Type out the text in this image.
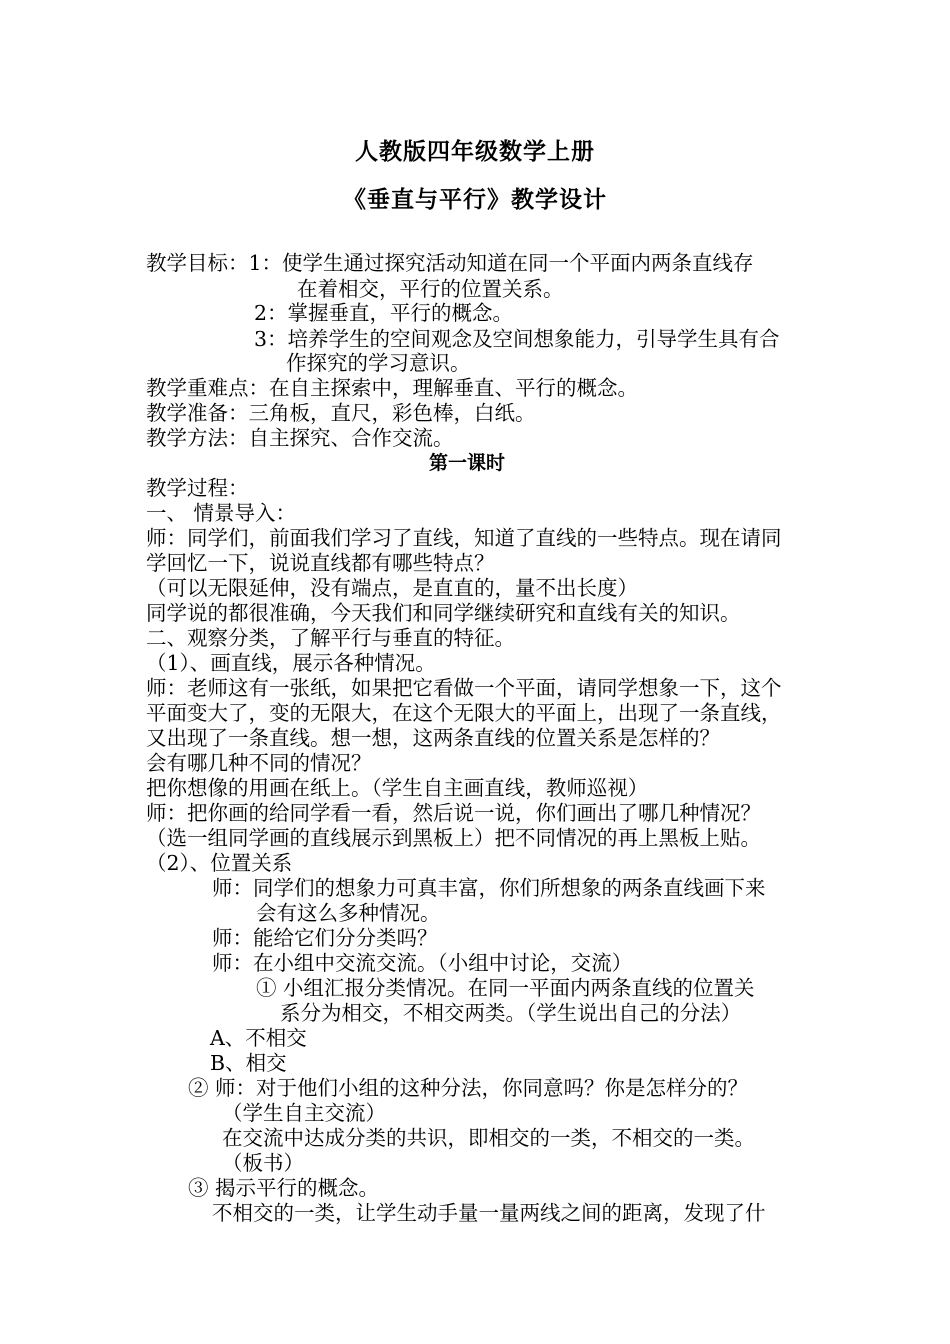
人教版四年级数学上册
《垂直与平行》教学设计
教学目标：1：使学生通过探究活动知道在同一个平面内两条直线存
在着相交，平行的位置关系。
2：掌握垂直，平行的概念。
3：培养学生的空间观念及空间想象能力，引导学生具有合
作探究的学习意识。
教学重难点：在自主探索中，理解垂直、平行的概念。
教学准备：三角板，直尺，彩色棒，白纸。
教学方法：自主探究、合作交流。
第一课时
教学过程：
一、 情景导入：
师：同学们，前面我们学习了直线，知道了直线的一些特点。现在请同
学回忆一下，说说直线都有哪些特点？
（可以无限延伸，没有端点，是直直的，量不出长度）
同学说的都很准确，今天我们和同学继续研究和直线有关的知识。
二、观察分类，了解平行与垂直的特征。
（1）、画直线，展示各种情况。
师：老师这有一张纸，如果把它看做一个平面，请同学想象一下，这个
平面变大了，变的无限大，在这个无限大的平面上，出现了一条直线，
又出现了一条直线。想一想，这两条直线的位置关系是怎样的？
会有哪几种不同的情况？
把你想像的用画在纸上。（学生自主画直线，教师巡视）
师：把你画的给同学看一看，然后说一说，你们画出了哪几种情况？
（选一组同学画的直线展示到黑板上）把不同情况的再上黑板上贴。
（2）、位置关系
师：同学们的想象力可真丰富，你们所想象的两条直线画下来
会有这么多种情况。
师：能给它们分分类吗？
师：在小组中交流交流。（小组中讨论，交流）
① 小组汇报分类情况。在同一平面内两条直线的位置关
系分为相交，不相交两类。（学生说出自己的分法）
A、不相交
B、相交
② 师：对于他们小组的这种分法，你同意吗？你是怎样分的？
（学生自主交流）
在交流中达成分类的共识，即相交的一类，不相交的一类。
（板书）
③ 揭示平行的概念。
不相交的一类，让学生动手量一量两线之间的距离，发现了什
